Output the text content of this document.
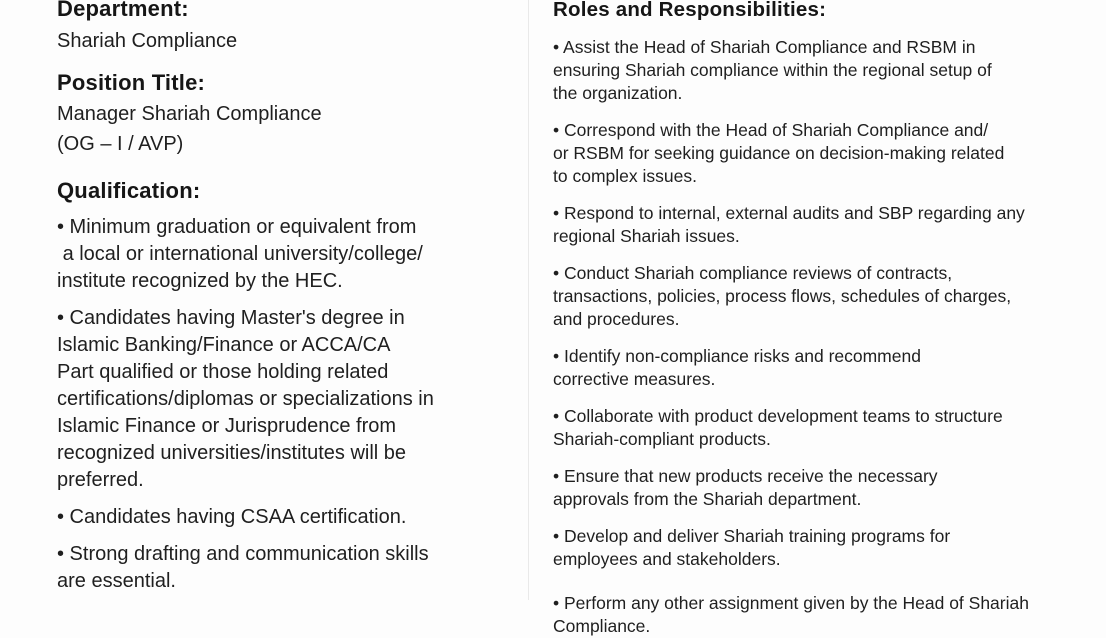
Department:
Shariah Compliance
Position Title:
Manager Shariah Compliance
(OG – I / AVP)
Qualification:

• Minimum graduation or equivalent from
a local or international university/college/
institute recognized by the HEC.

• Candidates having Master's degree in
Islamic Banking/Finance or ACCA/CA
Part qualified or those holding related
certifications/diplomas or specializations in
Islamic Finance or Jurisprudence from
recognized universities/institutes will be
preferred.

• Candidates having CSAA certification.

• Strong drafting and communication skills
are essential.

Roles and Responsibilities:

• Assist the Head of Shariah Compliance and RSBM in
ensuring Shariah compliance within the regional setup of
the organization.

• Correspond with the Head of Shariah Compliance and/
or RSBM for seeking guidance on decision-making related
to complex issues.

• Respond to internal, external audits and SBP regarding any
regional Shariah issues.

• Conduct Shariah compliance reviews of contracts,
transactions, policies, process flows, schedules of charges,
and procedures.

• Identify non-compliance risks and recommend
corrective measures.

• Collaborate with product development teams to structure
Shariah-compliant products.

• Ensure that new products receive the necessary
approvals from the Shariah department.

• Develop and deliver Shariah training programs for
employees and stakeholders.

• Perform any other assignment given by the Head of Shariah Compliance.
